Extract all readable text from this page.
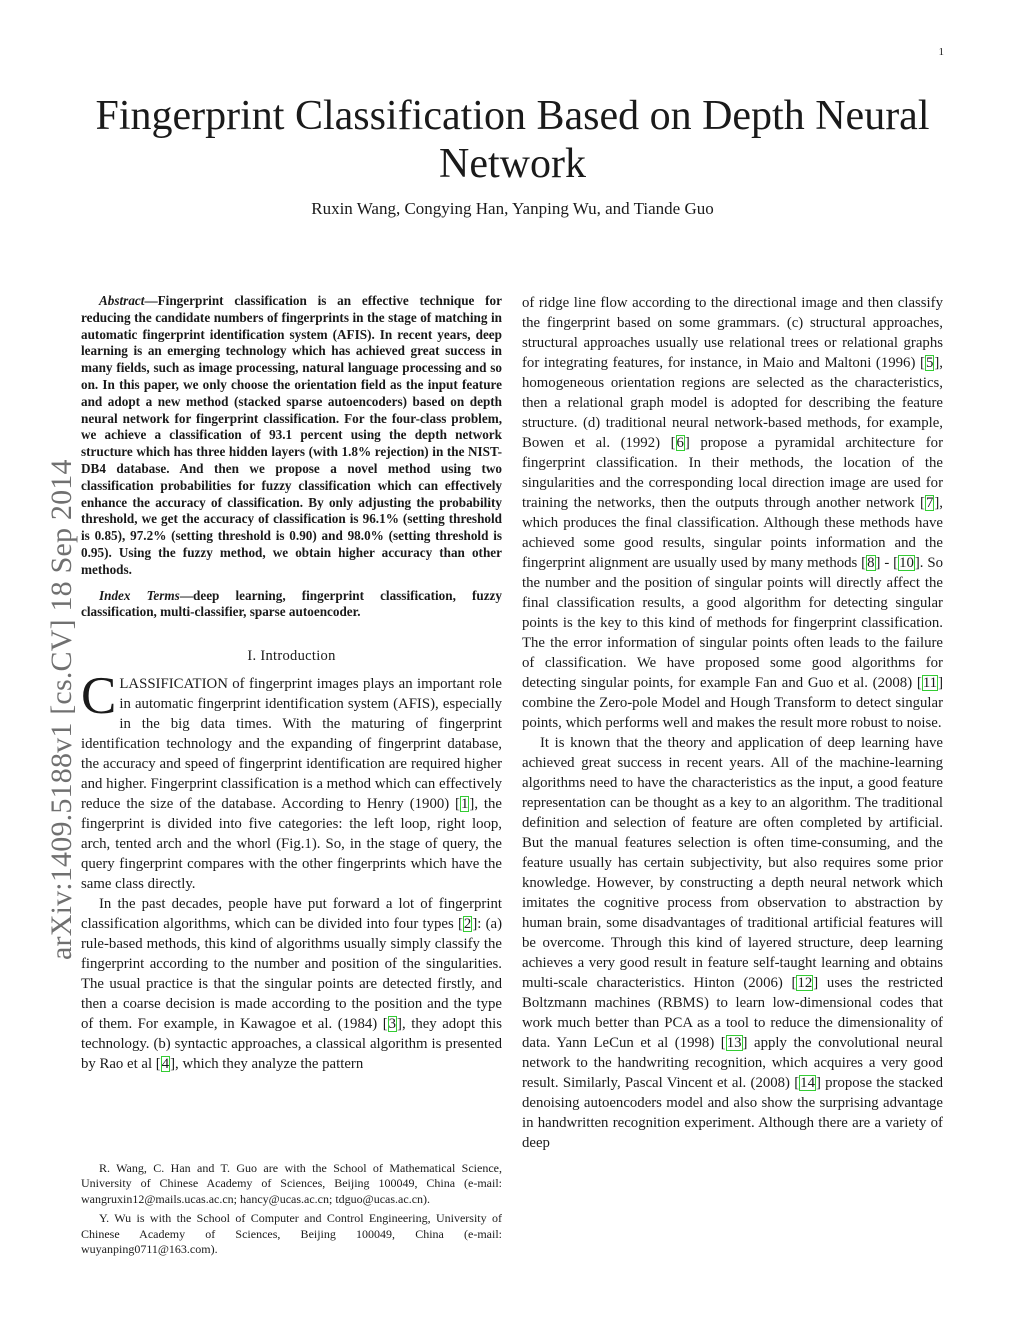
1
arXiv:1409.5188v1 [cs.CV] 18 Sep 2014
Fingerprint Classification Based on Depth Neural Network
Ruxin Wang, Congying Han, Yanping Wu, and Tiande Guo

Abstract—Fingerprint classification is an effective technique for reducing the candidate numbers of fingerprints in the stage of matching in automatic fingerprint identification system (AFIS). In recent years, deep learning is an emerging technology which has achieved great success in many fields, such as image processing, natural language processing and so on. In this paper, we only choose the orientation field as the input feature and adopt a new method (stacked sparse autoencoders) based on depth neural network for fingerprint classification. For the four-class problem, we achieve a classification of 93.1 percent using the depth network structure which has three hidden layers (with 1.8% rejection) in the NIST-DB4 database. And then we propose a novel method using two classification probabilities for fuzzy classification which can effectively enhance the accuracy of classification. By only adjusting the probability threshold, we get the accuracy of classification is 96.1% (setting threshold is 0.85), 97.2% (setting threshold is 0.90) and 98.0% (setting threshold is 0.95). Using the fuzzy method, we obtain higher accuracy than other methods.

Index Terms—deep learning, fingerprint classification, fuzzy classification, multi-classifier, sparse autoencoder.

I. Introduction

CLASSIFICATION of fingerprint images plays an important role in automatic fingerprint identification system (AFIS), especially in the big data times. With the maturing of fingerprint identification technology and the expanding of fingerprint database, the accuracy and speed of fingerprint identification are required higher and higher. Fingerprint classification is a method which can effectively reduce the size of the database. According to Henry (1900) [1], the fingerprint is divided into five categories: the left loop, right loop, arch, tented arch and the whorl (Fig.1). So, in the stage of query, the query fingerprint compares with the other fingerprints which have the same class directly.

In the past decades, people have put forward a lot of fingerprint classification algorithms, which can be divided into four types [2]: (a) rule-based methods, this kind of algorithms usually simply classify the fingerprint according to the number and position of the singularities. The usual practice is that the singular points are detected firstly, and then a coarse decision is made according to the position and the type of them. For example, in Kawagoe et al. (1984) [3], they adopt this technology. (b) syntactic approaches, a classical algorithm is presented by Rao et al [4], which they analyze the pattern

R. Wang, C. Han and T. Guo are with the School of Mathematical Science, University of Chinese Academy of Sciences, Beijing 100049, China (e-mail: wangruxin12@mails.ucas.ac.cn; hancy@ucas.ac.cn; tdguo@ucas.ac.cn).

Y. Wu is with the School of Computer and Control Engineering, University of Chinese Academy of Sciences, Beijing 100049, China (e-mail: wuyanping0711@163.com).

of ridge line flow according to the directional image and then classify the fingerprint based on some grammars. (c) structural approaches, structural approaches usually use relational trees or relational graphs for integrating features, for instance, in Maio and Maltoni (1996) [5], homogeneous orientation regions are selected as the characteristics, then a relational graph model is adopted for describing the feature structure. (d) traditional neural network-based methods, for example, Bowen et al. (1992) [6] propose a pyramidal architecture for fingerprint classification. In their methods, the location of the singularities and the corresponding local direction image are used for training the networks, then the outputs through another network [7], which produces the final classification. Although these methods have achieved some good results, singular points information and the fingerprint alignment are usually used by many methods [8] - [10]. So the number and the position of singular points will directly affect the final classification results, a good algorithm for detecting singular points is the key to this kind of methods for fingerprint classification. The the error information of singular points often leads to the failure of classification. We have proposed some good algorithms for detecting singular points, for example Fan and Guo et al. (2008) [11] combine the Zero-pole Model and Hough Transform to detect singular points, which performs well and makes the result more robust to noise.

It is known that the theory and application of deep learning have achieved great success in recent years. All of the machine-learning algorithms need to have the characteristics as the input, a good feature representation can be thought as a key to an algorithm. The traditional definition and selection of feature are often completed by artificial. But the manual features selection is often time-consuming, and the feature usually has certain subjectivity, but also requires some prior knowledge. However, by constructing a depth neural network which imitates the cognitive process from observation to abstraction by human brain, some disadvantages of traditional artificial features will be overcome. Through this kind of layered structure, deep learning achieves a very good result in feature self-taught learning and obtains multi-scale characteristics. Hinton (2006) [12] uses the restricted Boltzmann machines (RBMS) to learn low-dimensional codes that work much better than PCA as a tool to reduce the dimensionality of data. Yann LeCun et al (1998) [13] apply the convolutional neural network to the handwriting recognition, which acquires a very good result. Similarly, Pascal Vincent et al. (2008) [14] propose the stacked denoising autoencoders model and also show the surprising advantage in handwritten recognition experiment. Although there are a variety of deep
